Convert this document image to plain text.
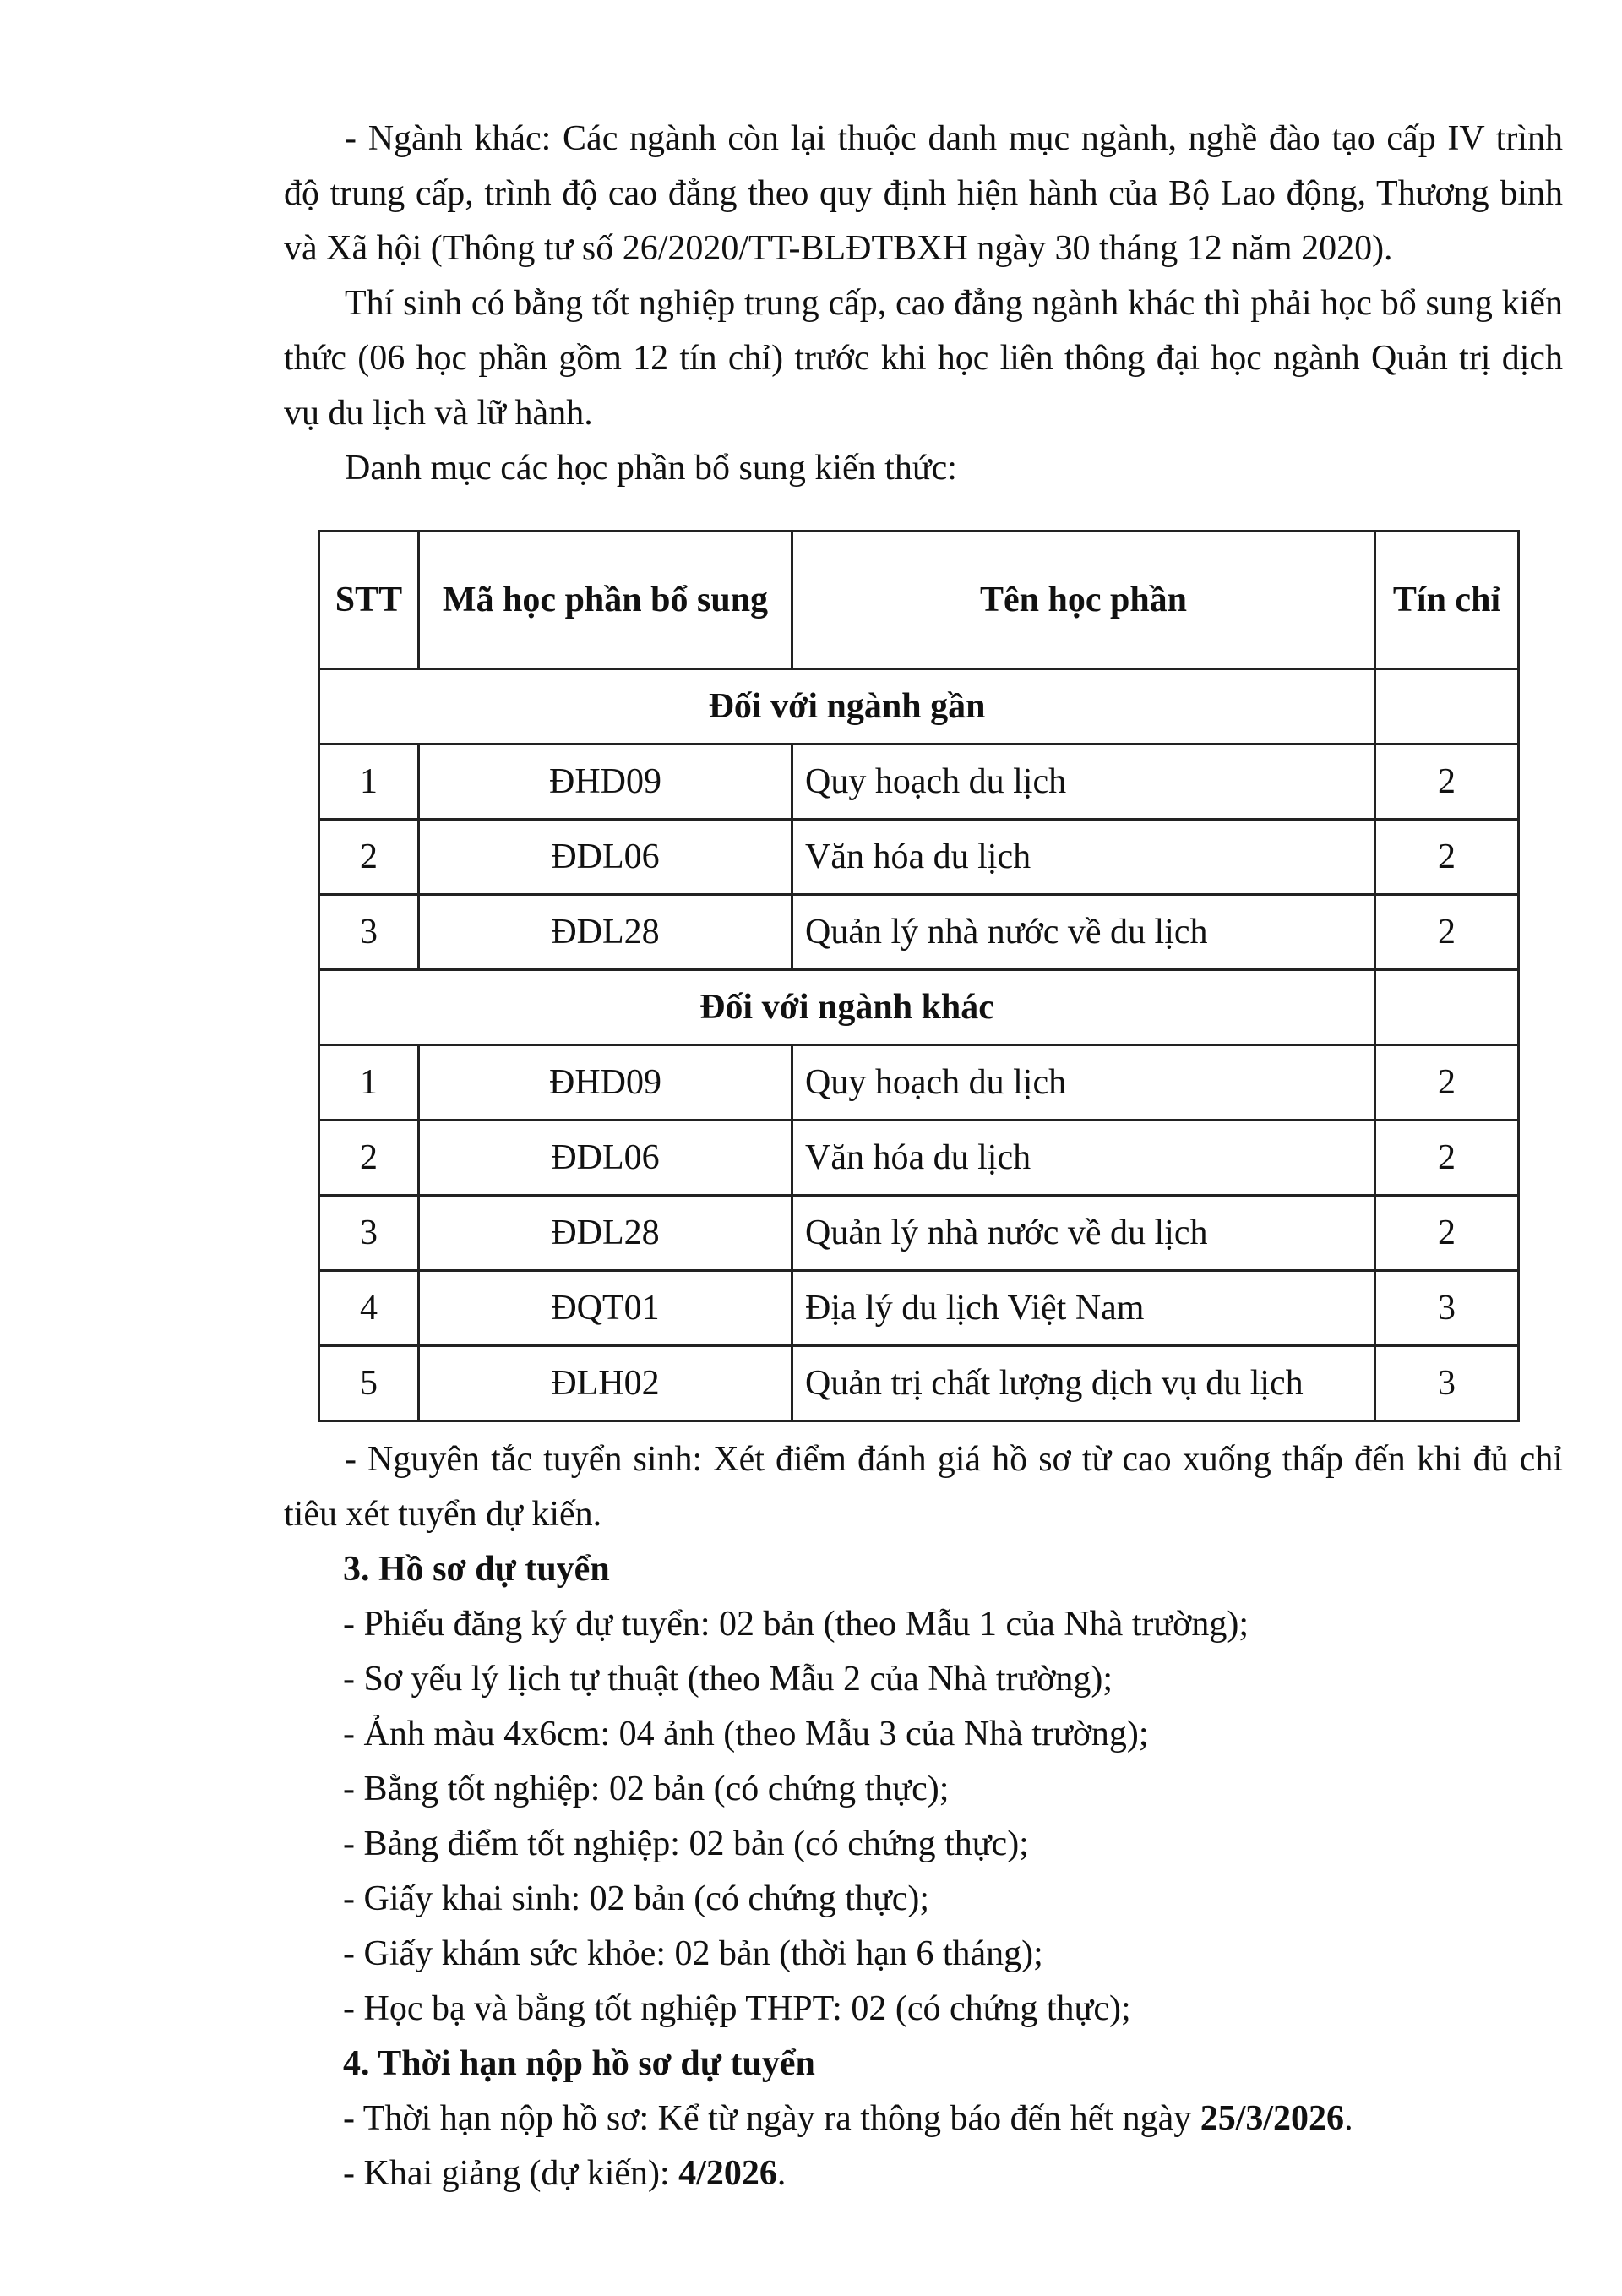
- Ngành khác: Các ngành còn lại thuộc danh mục ngành, nghề đào tạo cấp IV trình độ trung cấp, trình độ cao đẳng theo quy định hiện hành của Bộ Lao động, Thương binh và Xã hội (Thông tư số 26/2020/TT-BLĐTBXH ngày 30 tháng 12 năm 2020).

Thí sinh có bằng tốt nghiệp trung cấp, cao đẳng ngành khác thì phải học bổ sung kiến thức (06 học phần gồm 12 tín chỉ) trước khi học liên thông đại học ngành Quản trị dịch vụ du lịch và lữ hành.

Danh mục các học phần bổ sung kiến thức:

STT	Mã học phần bổ sung	Tên học phần	Tín chỉ
Đối với ngành gần			
1	ĐHD09	Quy hoạch du lịch	2
2	ĐDL06	Văn hóa du lịch	2
3	ĐDL28	Quản lý nhà nước về du lịch	2
Đối với ngành khác			
1	ĐHD09	Quy hoạch du lịch	2
2	ĐDL06	Văn hóa du lịch	2
3	ĐDL28	Quản lý nhà nước về du lịch	2
4	ĐQT01	Địa lý du lịch Việt Nam	3
5	ĐLH02	Quản trị chất lượng dịch vụ du lịch	3

- Nguyên tắc tuyển sinh: Xét điểm đánh giá hồ sơ từ cao xuống thấp đến khi đủ chỉ tiêu xét tuyển dự kiến.

3. Hồ sơ dự tuyển

- Phiếu đăng ký dự tuyển: 02 bản (theo Mẫu 1 của Nhà trường);

- Sơ yếu lý lịch tự thuật (theo Mẫu 2 của Nhà trường);

- Ảnh màu 4x6cm: 04 ảnh (theo Mẫu 3 của Nhà trường);

- Bằng tốt nghiệp: 02 bản (có chứng thực);

- Bảng điểm tốt nghiệp: 02 bản (có chứng thực);

- Giấy khai sinh: 02 bản (có chứng thực);

- Giấy khám sức khỏe: 02 bản (thời hạn 6 tháng);

- Học bạ và bằng tốt nghiệp THPT: 02 (có chứng thực);

4. Thời hạn nộp hồ sơ dự tuyển

- Thời hạn nộp hồ sơ: Kể từ ngày ra thông báo đến hết ngày 25/3/2026.

- Khai giảng (dự kiến): 4/2026.
